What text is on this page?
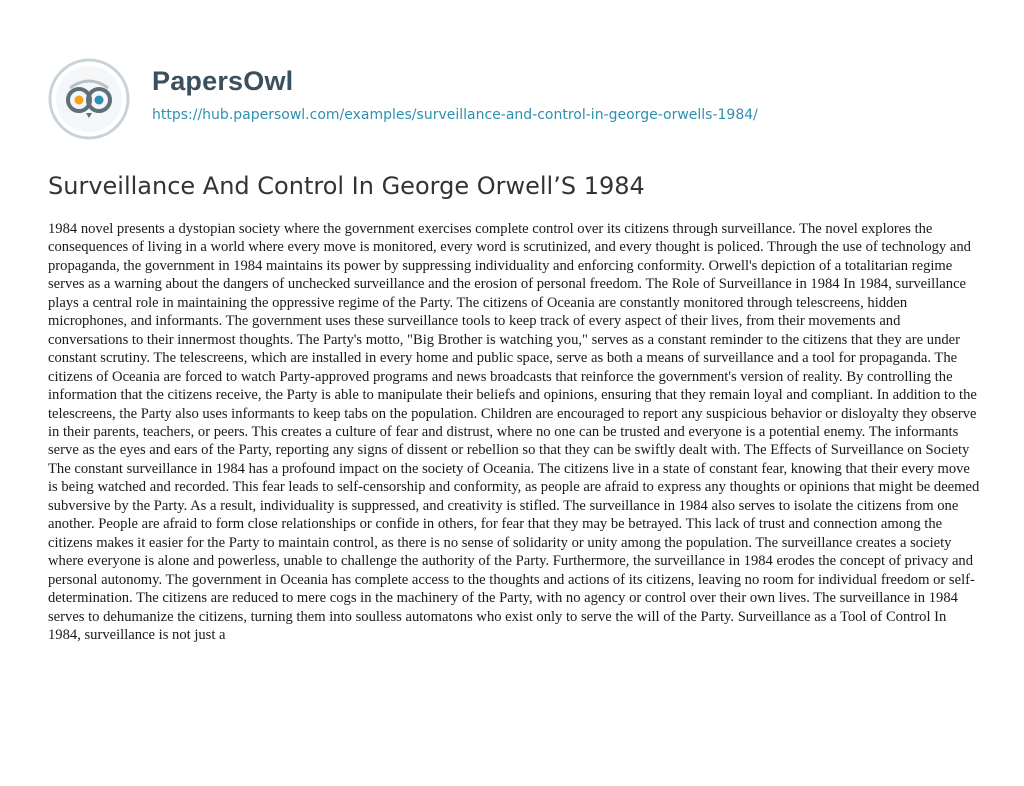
PapersOwl
https://hub.papersowl.com/examples/surveillance-and-control-in-george-orwells-1984/
Surveillance And Control In George Orwell’S 1984

1984 novel presents a dystopian society where the government exercises complete control over its citizens through surveillance. The novel explores the consequences of living in a world where every move is monitored, every word is scrutinized, and every thought is policed. Through the use of technology and propaganda, the government in 1984 maintains its power by suppressing individuality and enforcing conformity. Orwell's depiction of a totalitarian regime serves as a warning about the dangers of unchecked surveillance and the erosion of personal freedom. The Role of Surveillance in 1984 In 1984, surveillance plays a central role in maintaining the oppressive regime of the Party. The citizens of Oceania are constantly monitored through telescreens, hidden microphones, and informants. The government uses these surveillance tools to keep track of every aspect of their lives, from their movements and conversations to their innermost thoughts. The Party's motto, "Big Brother is watching you," serves as a constant reminder to the citizens that they are under constant scrutiny. The telescreens, which are installed in every home and public space, serve as both a means of surveillance and a tool for propaganda. The citizens of Oceania are forced to watch Party-approved programs and news broadcasts that reinforce the government's version of reality. By controlling the information that the citizens receive, the Party is able to manipulate their beliefs and opinions, ensuring that they remain loyal and compliant. In addition to the telescreens, the Party also uses informants to keep tabs on the population. Children are encouraged to report any suspicious behavior or disloyalty they observe in their parents, teachers, or peers. This creates a culture of fear and distrust, where no one can be trusted and everyone is a potential enemy. The informants serve as the eyes and ears of the Party, reporting any signs of dissent or rebellion so that they can be swiftly dealt with. The Effects of Surveillance on Society The constant surveillance in 1984 has a profound impact on the society of Oceania. The citizens live in a state of constant fear, knowing that their every move is being watched and recorded. This fear leads to self-censorship and conformity, as people are afraid to express any thoughts or opinions that might be deemed subversive by the Party. As a result, individuality is suppressed, and creativity is stifled. The surveillance in 1984 also serves to isolate the citizens from one another. People are afraid to form close relationships or confide in others, for fear that they may be betrayed. This lack of trust and connection among the citizens makes it easier for the Party to maintain control, as there is no sense of solidarity or unity among the population. The surveillance creates a society where everyone is alone and powerless, unable to challenge the authority of the Party. Furthermore, the surveillance in 1984 erodes the concept of privacy and personal autonomy. The government in Oceania has complete access to the thoughts and actions of its citizens, leaving no room for individual freedom or self-determination. The citizens are reduced to mere cogs in the machinery of the Party, with no agency or control over their own lives. The surveillance in 1984 serves to dehumanize the citizens, turning them into soulless automatons who exist only to serve the will of the Party. Surveillance as a Tool of Control In 1984, surveillance is not just a
